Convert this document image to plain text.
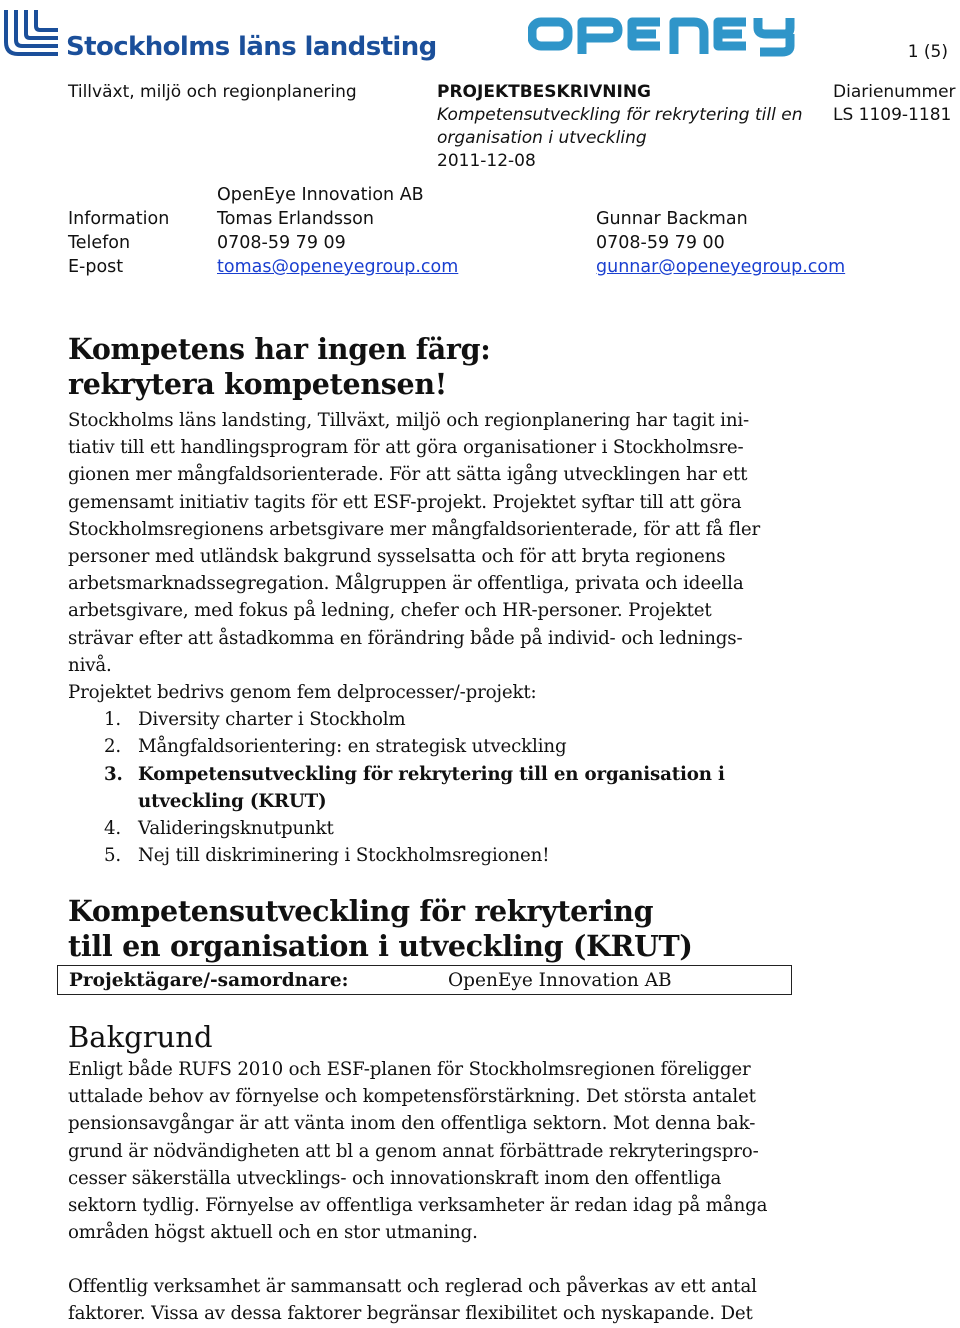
Stockholms läns landsting	1 (5)
Tillväxt, miljö och regionplanering	PROJEKTBESKRIVNING
Kompetensutveckling för rekrytering till en
organisation i utveckling
2011-12-08
Diarienummer
LS 1109-1181
OpenEye Innovation AB
Information	Tomas Erlandsson	Gunnar Backman
Telefon	0708-59 79 09	0708-59 79 00
E-post	tomas@openeyegroup.com	gunnar@openeyegroup.com
Kompetens har ingen färg:
rekrytera kompetensen!
Stockholms läns landsting, Tillväxt, miljö och regionplanering har tagit ini-
tiativ till ett handlingsprogram för att göra organisationer i Stockholmsre-
gionen mer mångfaldsorienterade. För att sätta igång utvecklingen har ett
gemensamt initiativ tagits för ett ESF-projekt. Projektet syftar till att göra
Stockholmsregionens arbetsgivare mer mångfaldsorienterade, för att få fler
personer med utländsk bakgrund sysselsatta och för att bryta regionens
arbetsmarknadssegregation. Målgruppen är offentliga, privata och ideella
arbetsgivare, med fokus på ledning, chefer och HR-personer. Projektet
strävar efter att åstadkomma en förändring både på individ- och lednings-
nivå.
Projektet bedrivs genom fem delprocesser/-projekt:
1. Diversity charter i Stockholm
2. Mångfaldsorientering: en strategisk utveckling
3. Kompetensutveckling för rekrytering till en organisation i
utveckling (KRUT)
4. Valideringsknutpunkt
5. Nej till diskriminering i Stockholmsregionen!
Kompetensutveckling för rekrytering
till en organisation i utveckling (KRUT)
Projektägare/-samordnare:	OpenEye Innovation AB
Bakgrund
Enligt både RUFS 2010 och ESF-planen för Stockholmsregionen föreligger
uttalade behov av förnyelse och kompetensförstärkning. Det största antalet
pensionsavgångar är att vänta inom den offentliga sektorn. Mot denna bak-
grund är nödvändigheten att bl a genom annat förbättrade rekryteringspro-
cesser säkerställa utvecklings- och innovationskraft inom den offentliga
sektorn tydlig. Förnyelse av offentliga verksamheter är redan idag på många
områden högst aktuell och en stor utmaning.
Offentlig verksamhet är sammansatt och reglerad och påverkas av ett antal
faktorer. Vissa av dessa faktorer begränsar flexibilitet och nyskapande. Det
